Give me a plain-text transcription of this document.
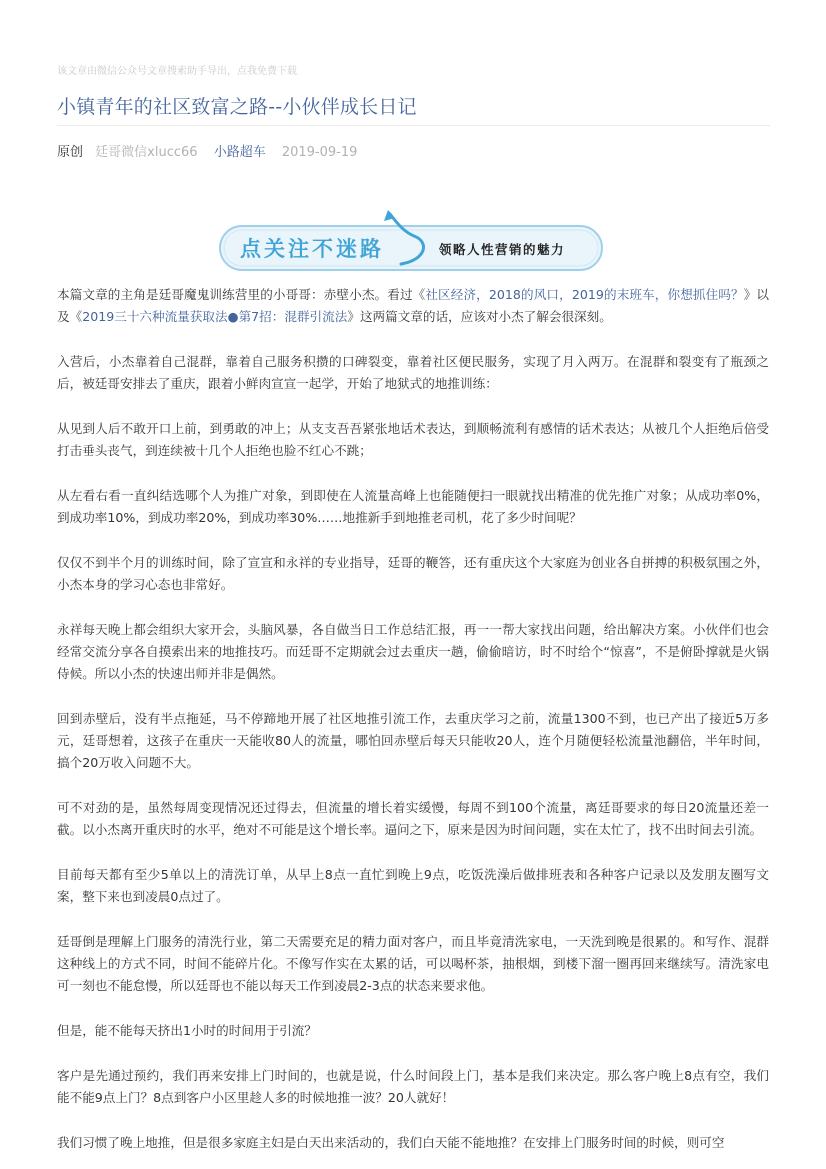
该文章由微信公众号文章搜索助手导出，点我免费下载
小镇青年的社区致富之路--小伙伴成长日记
原创 廷哥微信xlucc66 小路超车 2019-09-19
点关注不迷路	领略人性营销的魅力

本篇文章的主角是廷哥魔鬼训练营里的小哥哥：赤壁小杰。看过《社区经济，2018的风口，2019的末班车，你想抓住吗？》以及《2019三十六种流量获取法●第7招：混群引流法》这两篇文章的话，应该对小杰了解会很深刻。

入营后，小杰靠着自己混群，靠着自己服务积攒的口碑裂变，靠着社区便民服务，实现了月入两万。在混群和裂变有了瓶颈之后，被廷哥安排去了重庆，跟着小鲜肉宣宣一起学，开始了地狱式的地推训练：

从见到人后不敢开口上前，到勇敢的冲上；从支支吾吾紧张地话术表达，到顺畅流利有感情的话术表达；从被几个人拒绝后倍受打击垂头丧气，到连续被十几个人拒绝也脸不红心不跳；

从左看右看一直纠结选哪个人为推广对象，到即使在人流量高峰上也能随便扫一眼就找出精准的优先推广对象；从成功率0%，到成功率10%，到成功率20%，到成功率30%……地推新手到地推老司机，花了多少时间呢？

仅仅不到半个月的训练时间，除了宣宣和永祥的专业指导，廷哥的鞭答，还有重庆这个大家庭为创业各自拼搏的积极氛围之外，小杰本身的学习心态也非常好。

永祥每天晚上都会组织大家开会，头脑风暴，各自做当日工作总结汇报，再一一帮大家找出问题，给出解决方案。小伙伴们也会经常交流分享各自摸索出来的地推技巧。而廷哥不定期就会过去重庆一趟，偷偷暗访，时不时给个“惊喜”，不是俯卧撑就是火锅侍候。所以小杰的快速出师并非是偶然。

回到赤壁后，没有半点拖延，马不停蹄地开展了社区地推引流工作，去重庆学习之前，流量1300不到，也已产出了接近5万多元，廷哥想着，这孩子在重庆一天能收80人的流量，哪怕回赤壁后每天只能收20人，连个月随便轻松流量池翻倍，半年时间，搞个20万收入问题不大。

可不对劲的是，虽然每周变现情况还过得去，但流量的增长着实缓慢，每周不到100个流量，离廷哥要求的每日20流量还差一截。以小杰离开重庆时的水平，绝对不可能是这个增长率。逼问之下，原来是因为时间问题，实在太忙了，找不出时间去引流。

目前每天都有至少5单以上的清洗订单，从早上8点一直忙到晚上9点，吃饭洗澡后做排班表和各种客户记录以及发朋友圈写文案，整下来也到凌晨0点过了。

廷哥倒是理解上门服务的清洗行业，第二天需要充足的精力面对客户，而且毕竟清洗家电，一天洗到晚是很累的。和写作、混群这种线上的方式不同，时间不能碎片化。不像写作实在太累的话，可以喝杯茶，抽根烟，到楼下溜一圈再回来继续写。清洗家电可一刻也不能怠慢，所以廷哥也不能以每天工作到凌晨2-3点的状态来要求他。

但是，能不能每天挤出1小时的时间用于引流？

客户是先通过预约，我们再来安排上门时间的，也就是说，什么时间段上门，基本是我们来决定。那么客户晚上8点有空，我们能不能9点上门？8点到客户小区里趁人多的时候地推一波？20人就好！

我们习惯了晚上地推，但是很多家庭主妇是白天出来活动的，我们白天能不能地推？在安排上门服务时间的时候，则可空
